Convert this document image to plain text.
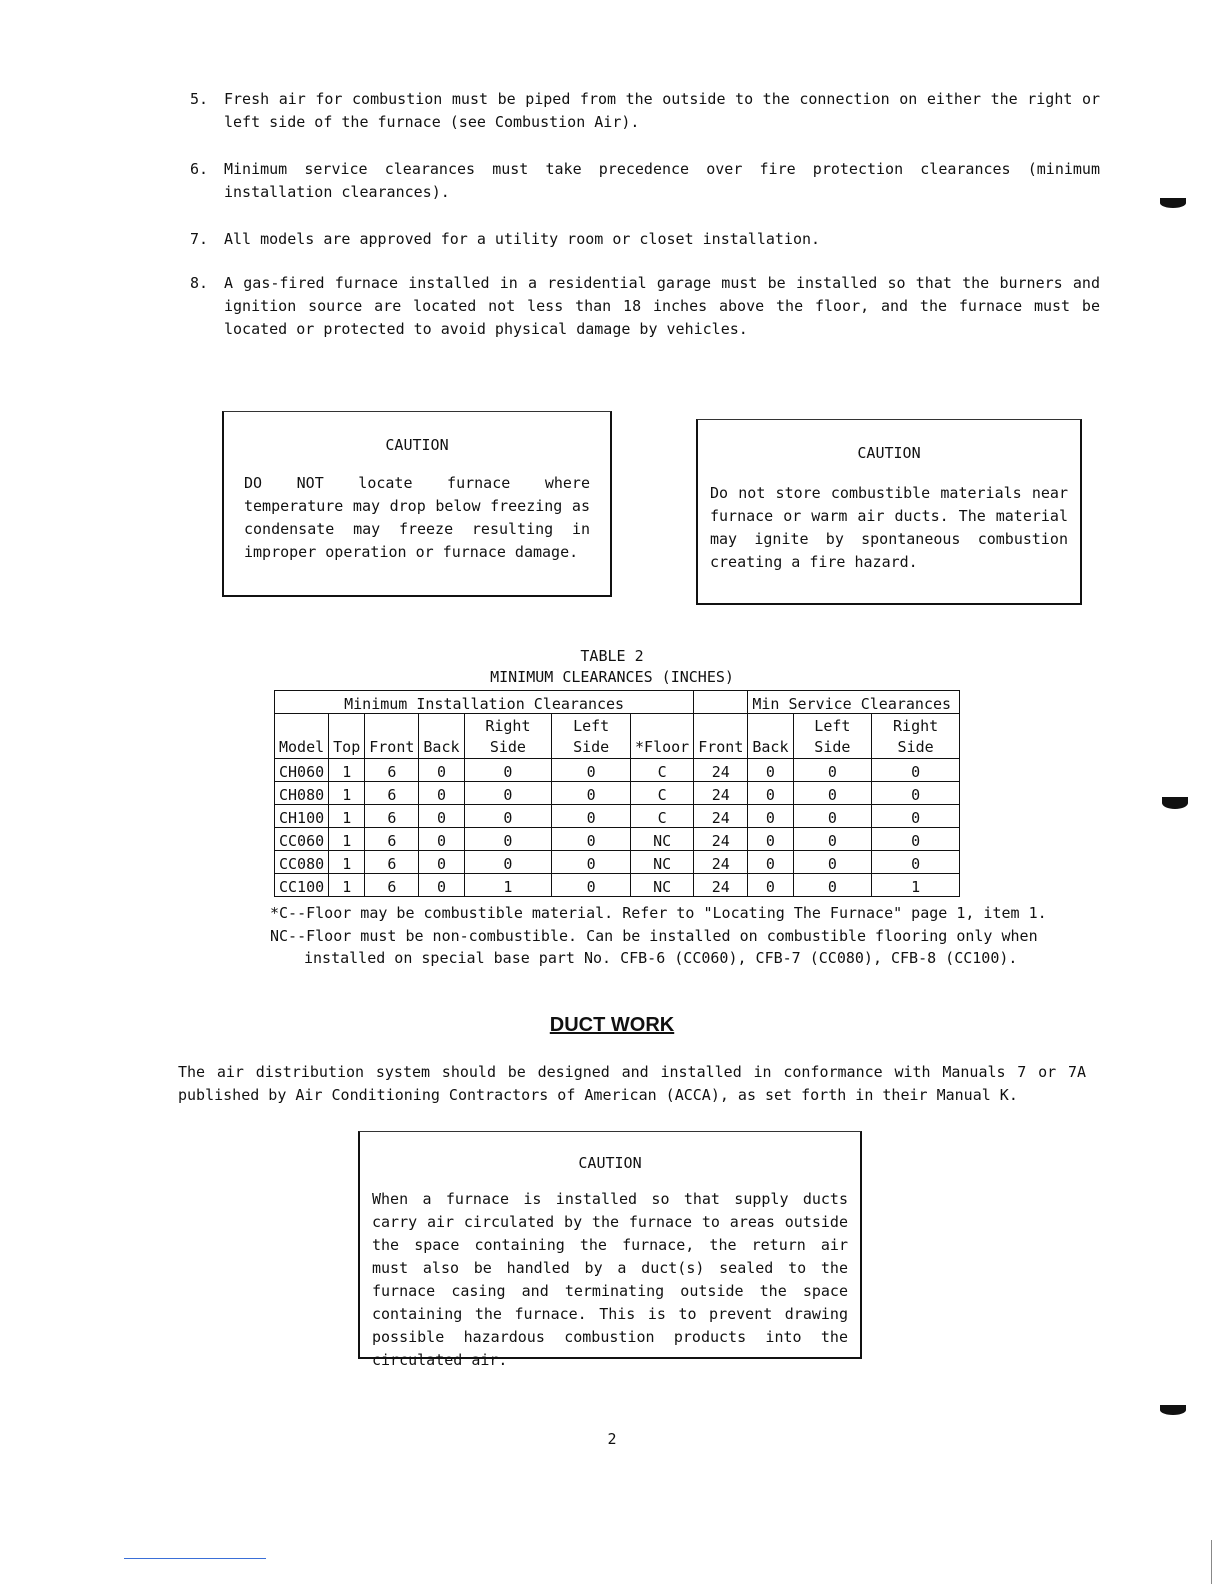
5. Fresh air for combustion must be piped from the outside to the connection on either the right or left side of the furnace (see Combustion Air).
6. Minimum service clearances must take precedence over fire protection clearances (minimum installation clearances).
7. All models are approved for a utility room or closet installation.
8. A gas-fired furnace installed in a residential garage must be installed so that the burners and ignition source are located not less than 18 inches above the floor, and the furnace must be located or protected to avoid physical damage by vehicles.
CAUTION
DO NOT locate furnace where temperature may drop below freezing as condensate may freeze resulting in improper operation or furnace damage.
CAUTION
Do not store combustible materials near furnace or warm air ducts. The material may ignite by spontaneous combustion creating a fire hazard.
TABLE 2
MINIMUM CLEARANCES (INCHES)
Minimum Installation Clearances								Min Service Clearances		
Model	Top	Front	Back	Right Side	Left Side	*Floor	Front	Back	Left Side	Right Side
CH060	1	6	0	0	0	C	24	0	0	0
CH080	1	6	0	0	0	C	24	0	0	0
CH100	1	6	0	0	0	C	24	0	0	0
CC060	1	6	0	0	0	NC	24	0	0	0
CC080	1	6	0	0	0	NC	24	0	0	0
CC100	1	6	0	1	0	NC	24	0	0	1
*C--Floor may be combustible material. Refer to "Locating The Furnace" page 1, item 1.
NC--Floor must be non-combustible. Can be installed on combustible flooring only when
installed on special base part No. CFB-6 (CC060), CFB-7 (CC080), CFB-8 (CC100).
DUCT WORK
The air distribution system should be designed and installed in conformance with Manuals 7 or 7A published by Air Conditioning Contractors of American (ACCA), as set forth in their Manual K.
CAUTION
When a furnace is installed so that supply ducts carry air circulated by the furnace to areas outside the space containing the furnace, the return air must also be handled by a duct(s) sealed to the furnace casing and terminating outside the space containing the furnace. This is to prevent drawing possible hazardous combustion products into the circulated air.
2
